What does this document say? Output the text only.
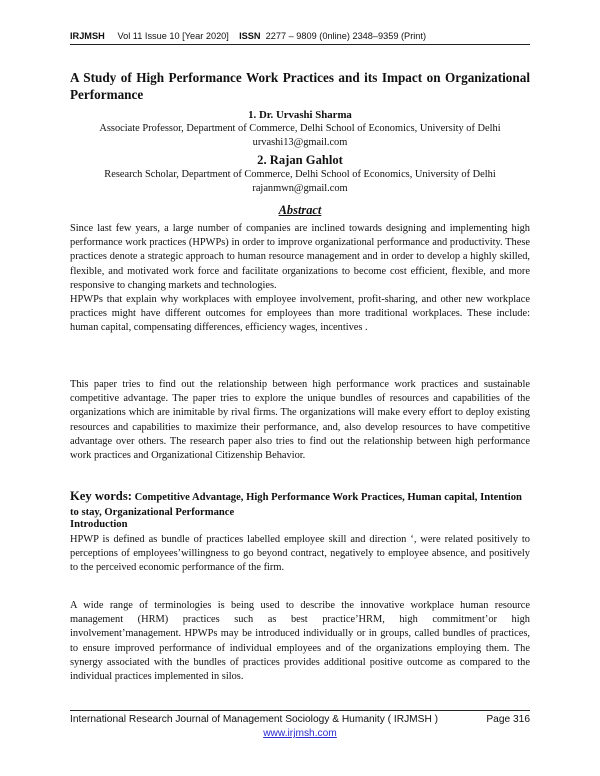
IRJMSH Vol 11 Issue 10 [Year 2020] ISSN 2277 – 9809 (0nline) 2348–9359 (Print)
A Study of High Performance Work Practices and its Impact on Organizational Performance
1. Dr. Urvashi Sharma
Associate Professor, Department of Commerce, Delhi School of Economics, University of Delhi
urvashi13@gmail.com
2. Rajan Gahlot
Research Scholar, Department of Commerce, Delhi School of Economics, University of Delhi
rajanmwn@gmail.com
Abstract

Since last few years, a large number of companies are inclined towards designing and implementing high performance work practices (HPWPs) in order to improve organizational performance and productivity. These practices denote a strategic approach to human resource management and in order to develop a highly skilled, flexible, and motivated work force and facilitate organizations to become cost efficient, flexible, and more responsive to changing markets and technologies.

HPWPs that explain why workplaces with employee involvement, profit-sharing, and other new workplace practices might have different outcomes for employees than more traditional workplaces. These include: human capital, compensating differences, efficiency wages, incentives .

This paper tries to find out the relationship between high performance work practices and sustainable competitive advantage. The paper tries to explore the unique bundles of resources and capabilities of the organizations which are inimitable by rival firms. The organizations will make every effort to deploy existing resources and capabilities to maximize their performance, and, also develop resources to have competitive advantage over others. The research paper also tries to find out the relationship between high performance work practices and Organizational Citizenship Behavior.

Key words: Competitive Advantage, High Performance Work Practices, Human capital, Intention to stay, Organizational Performance
Introduction

HPWP is defined as bundle of practices labelled employee skill and direction ‘, were related positively to perceptions of employees’willingness to go beyond contract, negatively to employee absence, and positively to the perceived economic performance of the firm.

A wide range of terminologies is being used to describe the innovative workplace human resource management (HRM) practices such as best practice’HRM, high commitment’or high involvement’management. HPWPs may be introduced individually or in groups, called bundles of practices, to ensure improved performance of individual employees and of the organizations employing them. The synergy associated with the bundles of practices provides additional positive outcome as compared to the individual practices implemented in silos.

International Research Journal of Management Sociology & Humanity ( IRJMSH )	Page 316
www.irjmsh.com
